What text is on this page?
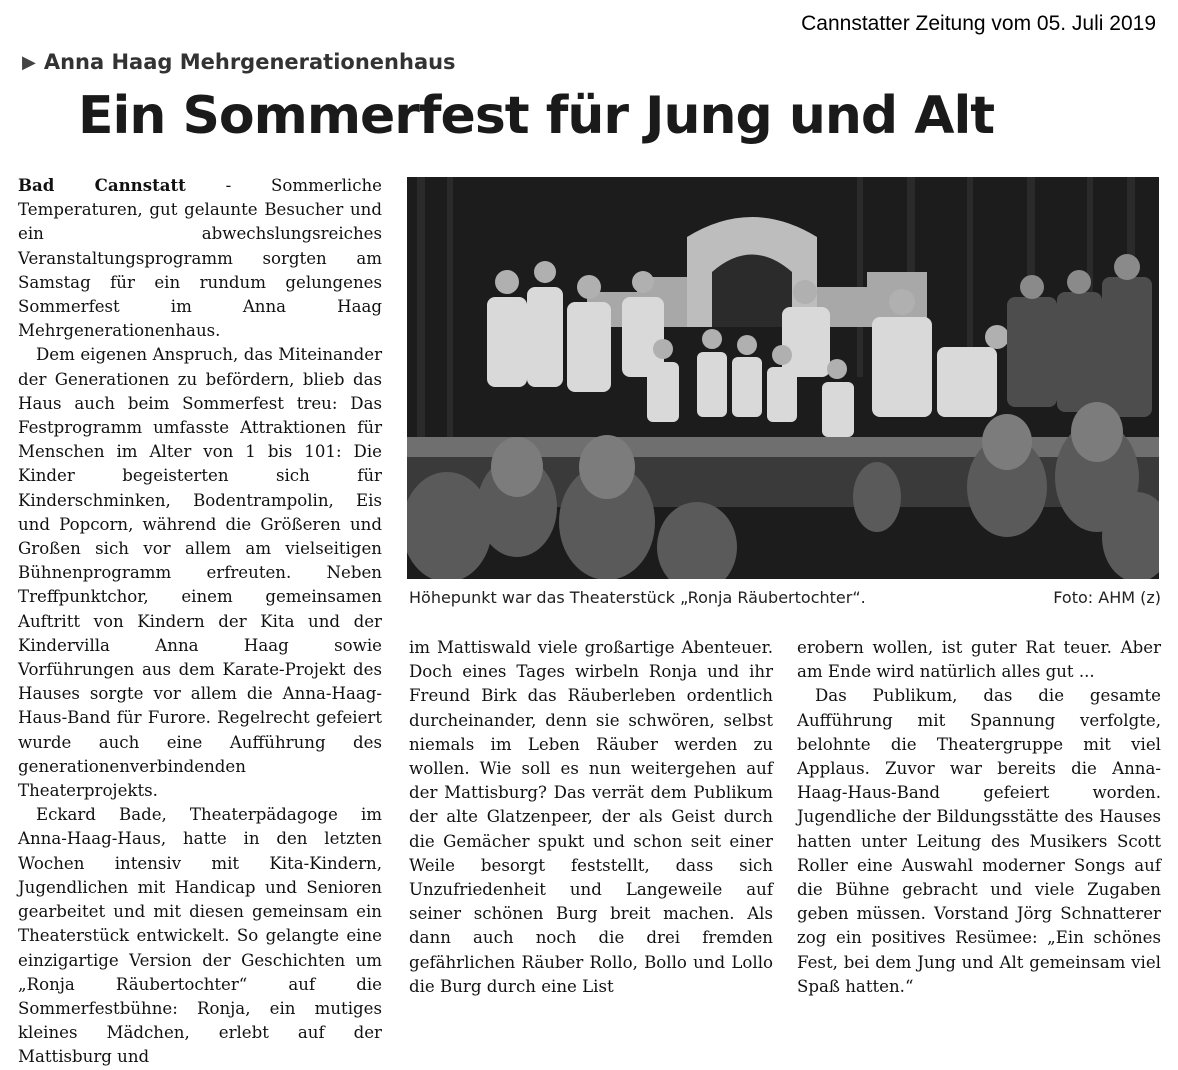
Cannstatter Zeitung vom 05. Juli 2019
▶ Anna Haag Mehrgenerationenhaus
Ein Sommerfest für Jung und Alt

Bad Cannstatt - Sommerliche Temperaturen, gut gelaunte Besucher und ein abwechslungsreiches Veranstaltungsprogramm sorgten am Samstag für ein rundum gelungenes Sommerfest im Anna Haag Mehrgenerationenhaus.

Dem eigenen Anspruch, das Miteinander der Generationen zu befördern, blieb das Haus auch beim Sommerfest treu: Das Festprogramm umfasste Attraktionen für Menschen im Alter von 1 bis 101: Die Kinder begeisterten sich für Kinderschminken, Bodentrampolin, Eis und Popcorn, während die Größeren und Großen sich vor allem am vielseitigen Bühnenprogramm erfreuten. Neben Treffpunktchor, einem gemeinsamen Auftritt von Kindern der Kita und der Kindervilla Anna Haag sowie Vorführungen aus dem Karate-Projekt des Hauses sorgte vor allem die Anna-Haag-Haus-Band für Furore. Regelrecht gefeiert wurde auch eine Aufführung des generationenverbindenden Theaterprojekts.

Eckard Bade, Theaterpädagoge im Anna-Haag-Haus, hatte in den letzten Wochen intensiv mit Kita-Kindern, Jugendlichen mit Handicap und Senioren gearbeitet und mit diesen gemeinsam ein Theaterstück entwickelt. So gelangte eine einzigartige Version der Geschichten um „Ronja Räubertochter“ auf die Sommerfestbühne: Ronja, ein mutiges kleines Mädchen, erlebt auf der Mattisburg und

Höhepunkt war das Theaterstück „Ronja Räubertochter“.	Foto: AHM (z)

im Mattiswald viele großartige Abenteuer. Doch eines Tages wirbeln Ronja und ihr Freund Birk das Räuberleben ordentlich durcheinander, denn sie schwören, selbst niemals im Leben Räuber werden zu wollen. Wie soll es nun weitergehen auf der Mattisburg? Das verrät dem Publikum der alte Glatzenpeer, der als Geist durch die Gemächer spukt und schon seit einer Weile besorgt feststellt, dass sich Unzufriedenheit und Langeweile auf seiner schönen Burg breit machen. Als dann auch noch die drei fremden gefährlichen Räuber Rollo, Bollo und Lollo die Burg durch eine List

erobern wollen, ist guter Rat teuer. Aber am Ende wird natürlich alles gut ...

Das Publikum, das die gesamte Aufführung mit Spannung verfolgte, belohnte die Theatergruppe mit viel Applaus. Zuvor war bereits die Anna-Haag-Haus-Band gefeiert worden. Jugendliche der Bildungsstätte des Hauses hatten unter Leitung des Musikers Scott Roller eine Auswahl moderner Songs auf die Bühne gebracht und viele Zugaben geben müssen. Vorstand Jörg Schnatterer zog ein positives Resümee: „Ein schönes Fest, bei dem Jung und Alt gemeinsam viel Spaß hatten.“
